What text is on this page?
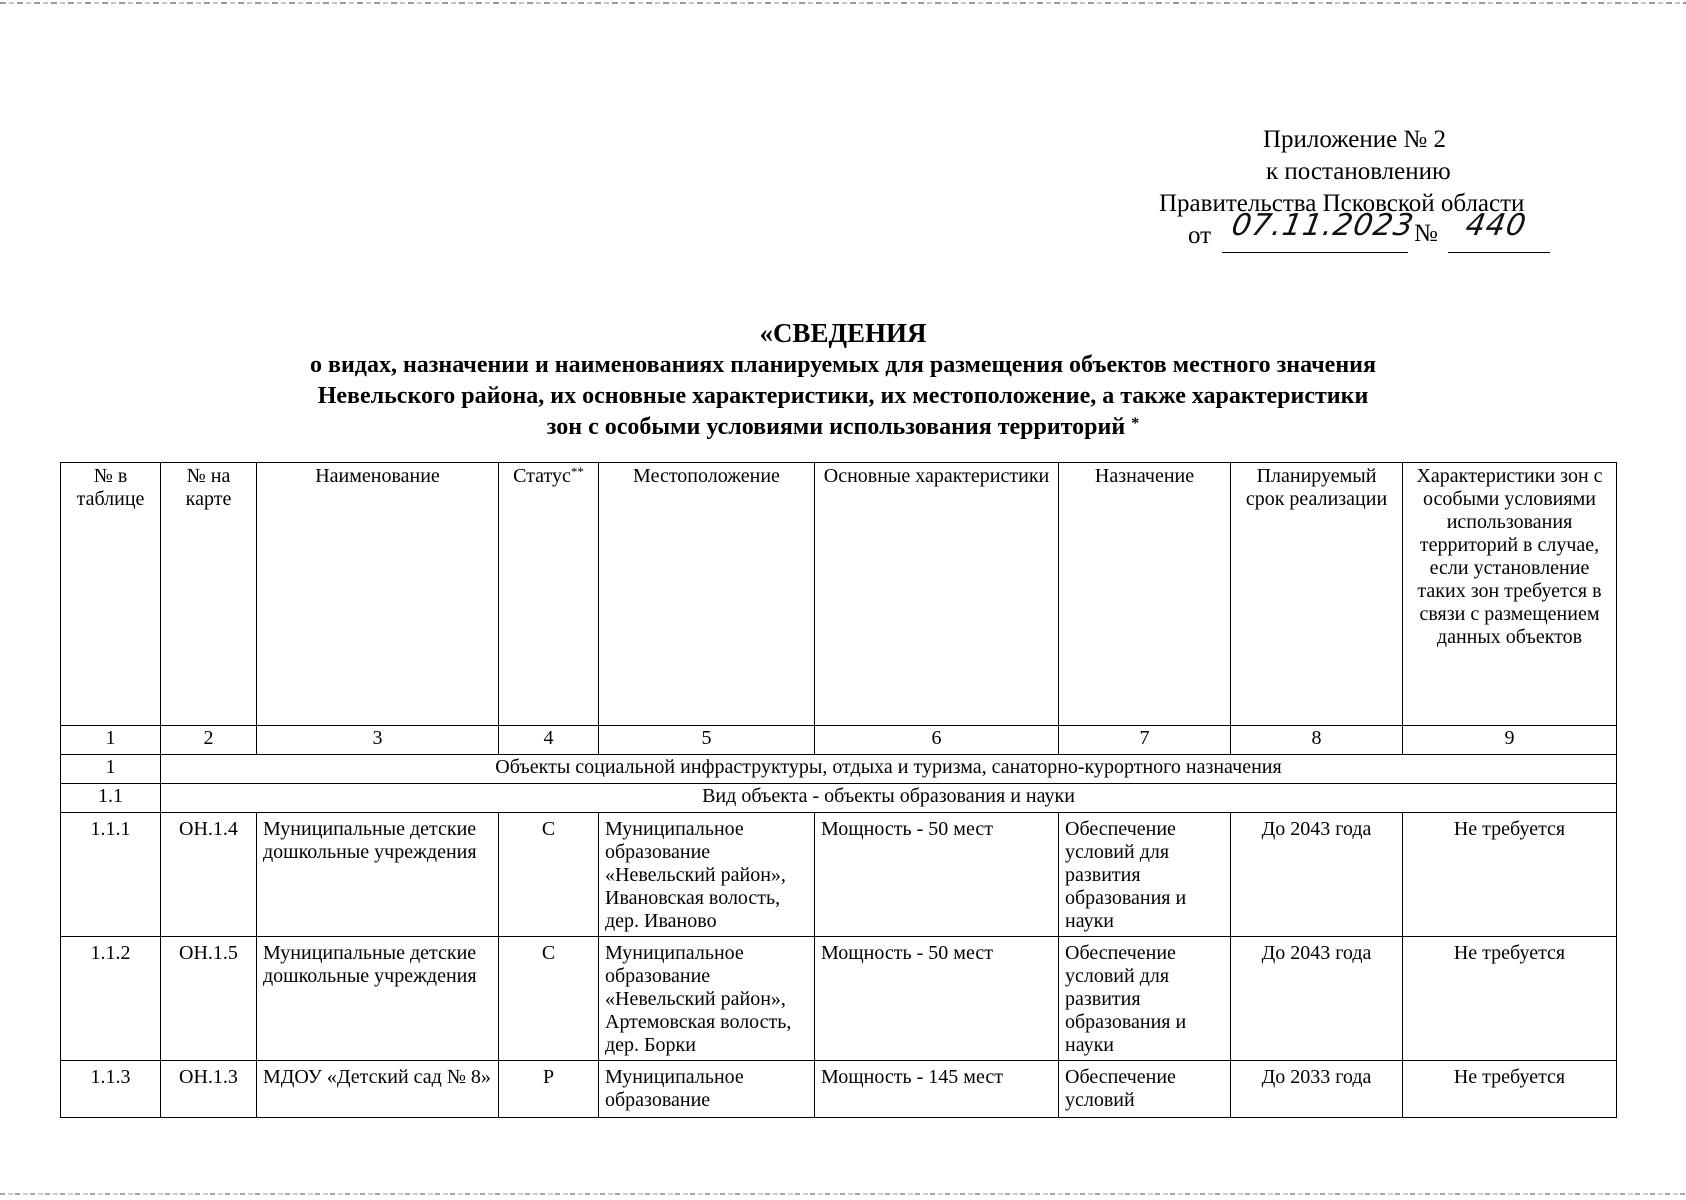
Приложение № 2
к постановлению
Правительства Псковской области
от 07.11.2023
№ 440
«СВЕДЕНИЯ
о видах, назначении и наименованиях планируемых для размещения объектов местного значения
Невельского района, их основные характеристики, их местоположение, а также характеристики
зон с особыми условиями использования территорий *
№ в таблице	№ на карте	Наименование	Статус**	Местоположение	Основные характеристики	Назначение	Планируемый срок реализации	Характеристики зон с особыми условиями использования территорий в случае, если установление таких зон требуется в связи с размещением данных объектов
1	2	3	4	5	6	7	8	9
1	Объекты социальной инфраструктуры, отдыха и туризма, санаторно-курортного назначения							
1.1	Вид объекта - объекты образования и науки							
1.1.1	ОН.1.4	Муниципальные детские дошкольные учреждения	С	Муниципальное образование «Невельский район», Ивановская волость, дер. Иваново	Мощность - 50 мест	Обеспечение условий для развития образования и науки	До 2043 года	Не требуется
1.1.2	ОН.1.5	Муниципальные детские дошкольные учреждения	С	Муниципальное образование «Невельский район», Артемовская волость, дер. Борки	Мощность - 50 мест	Обеспечение условий для развития образования и науки	До 2043 года	Не требуется
1.1.3	ОН.1.3	МДОУ «Детский сад № 8»	Р	Муниципальное образование	Мощность - 145 мест	Обеспечение условий	До 2033 года	Не требуется
